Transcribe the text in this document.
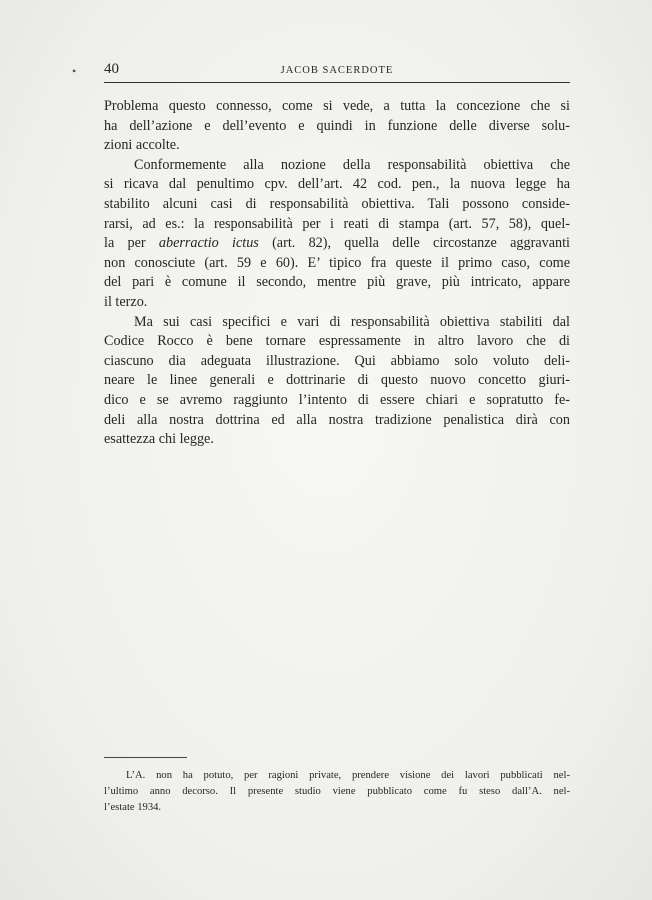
• 40	JACOB SACERDOTE
Problema questo connesso, come si vede, a tutta la concezione che si
ha dell’azione e dell’evento e quindi in funzione delle diverse solu-
zioni accolte.
Conformemente alla nozione della responsabilità obiettiva che
si ricava dal penultimo cpv. dell’art. 42 cod. pen., la nuova legge ha
stabilito alcuni casi di responsabilità obiettiva. Tali possono conside-
rarsi, ad es.: la responsabilità per i reati di stampa (art. 57, 58), quel-
la per aberractio ictus (art. 82), quella delle circostanze aggravanti
non conosciute (art. 59 e 60). E’ tipico fra queste il primo caso, come
del pari è comune il secondo, mentre più grave, più intricato, appare
il terzo.
Ma sui casi specifici e vari di responsabilità obiettiva stabiliti dal
Codice Rocco è bene tornare espressamente in altro lavoro che di
ciascuno dia adeguata illustrazione. Qui abbiamo solo voluto deli-
neare le linee generali e dottrinarie di questo nuovo concetto giuri-
dico e se avremo raggiunto l’intento di essere chiari e sopratutto fe-
deli alla nostra dottrina ed alla nostra tradizione penalistica dirà con
esattezza chi legge.
L’A. non ha potuto, per ragioni private, prendere visione dei lavori pubblicati nel-
l’ultimo anno decorso. Il presente studio viene pubblicato come fu steso dall’A. nel-
l’estate 1934.
